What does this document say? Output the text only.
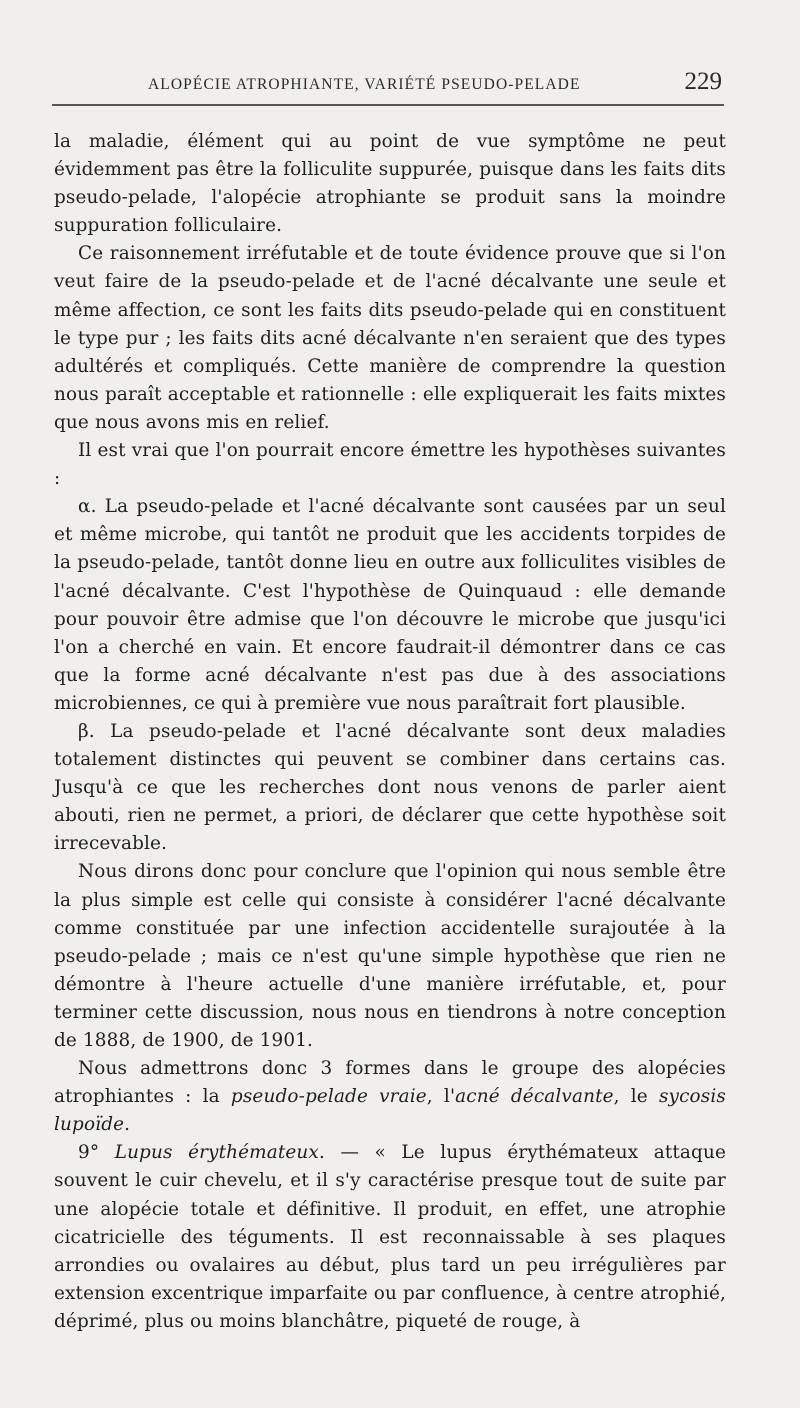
ALOPÉCIE ATROPHIANTE, VARIÉTÉ PSEUDO-PELADE	229

la maladie, élément qui au point de vue symptôme ne peut évidemment pas être la folliculite suppurée, puisque dans les faits dits pseudo-pelade, l'alopécie atrophiante se produit sans la moindre suppuration folliculaire.

Ce raisonnement irréfutable et de toute évidence prouve que si l'on veut faire de la pseudo-pelade et de l'acné décalvante une seule et même affection, ce sont les faits dits pseudo-pelade qui en constituent le type pur ; les faits dits acné décalvante n'en seraient que des types adultérés et compliqués. Cette manière de comprendre la question nous paraît acceptable et rationnelle : elle expliquerait les faits mixtes que nous avons mis en relief.

Il est vrai que l'on pourrait encore émettre les hypothèses suivantes :

α. La pseudo-pelade et l'acné décalvante sont causées par un seul et même microbe, qui tantôt ne produit que les accidents torpides de la pseudo-pelade, tantôt donne lieu en outre aux folliculites visibles de l'acné décalvante. C'est l'hypothèse de Quinquaud : elle demande pour pouvoir être admise que l'on découvre le microbe que jusqu'ici l'on a cherché en vain. Et encore faudrait-il démontrer dans ce cas que la forme acné décalvante n'est pas due à des associations microbiennes, ce qui à première vue nous paraîtrait fort plausible.

β. La pseudo-pelade et l'acné décalvante sont deux maladies totalement distinctes qui peuvent se combiner dans certains cas. Jusqu'à ce que les recherches dont nous venons de parler aient abouti, rien ne permet, a priori, de déclarer que cette hypothèse soit irrecevable.

Nous dirons donc pour conclure que l'opinion qui nous semble être la plus simple est celle qui consiste à considérer l'acné décalvante comme constituée par une infection accidentelle surajoutée à la pseudo-pelade ; mais ce n'est qu'une simple hypothèse que rien ne démontre à l'heure actuelle d'une manière irréfutable, et, pour terminer cette discussion, nous nous en tiendrons à notre conception de 1888, de 1900, de 1901.

Nous admettrons donc 3 formes dans le groupe des alopécies atrophiantes : la pseudo-pelade vraie, l'acné décalvante, le sycosis lupoïde.

9° Lupus érythémateux. — « Le lupus érythémateux attaque souvent le cuir chevelu, et il s'y caractérise presque tout de suite par une alopécie totale et définitive. Il produit, en effet, une atrophie cicatricielle des téguments. Il est reconnaissable à ses plaques arrondies ou ovalaires au début, plus tard un peu irrégulières par extension excentrique imparfaite ou par confluence, à centre atrophié, déprimé, plus ou moins blanchâtre, piqueté de rouge, à
